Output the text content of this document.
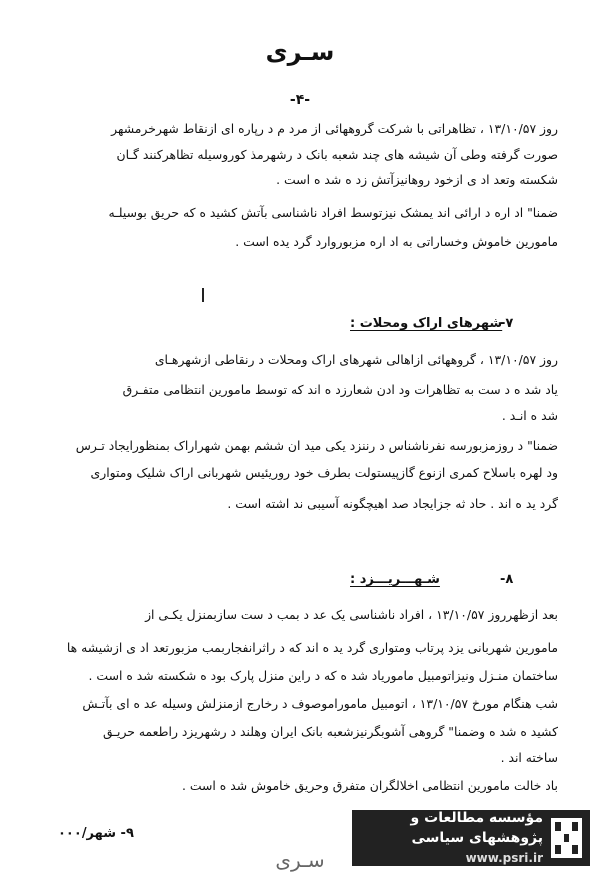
سـرى
-۴-
روز ۱۳/۱۰/۵۷ ، تظاهراتی با شرکت گروههائی از مرد م د رپاره ای ازنقاط شهرخرمشهر
صورت گرفته وطی آن شیشه های چند شعبه بانک د رشهرمذ کوروسیله تظاهرکنند گـان
شکسته وتعد اد ی ازخود روهانیزآتش زد ه شد ه است .
ضمنا" اد اره د ارائی اند یمشک نیزتوسط افراد ناشناسی بآتش کشید ه که حریق بوسیلـه
مامورین خاموش وخساراتی به اد اره مزبوروارد گرد یده است .
شهرهای اراک ومحلات :
-۷
روز ۱۳/۱۰/۵۷ ، گروههائی ازاهالی شهرهای اراک ومحلات د رنقاطی ازشهرهـای
یاد شد ه د ست به تظاهرات ود ادن شعارزد ه اند که توسط مامورین انتظامی متفـرق
شد ه انـد .
ضمنا" د روزمزبورسه نفرناشناس د رننزد یکی مید ان ششم بهمن شهراراک بمنظورایجاد تـرس
ود لهره باسلاح کمری ازنوع گازپیستولت بطرف خود روریئیس شهربانی اراک شلیک ومتواری
گرد ید ه اند . حاد ثه جزایجاد صد اهیچگونه آسیبی ند اشته است .
شـهـــریـــزد :	-۸
بعد ازظهرروز ۱۳/۱۰/۵۷ ، افراد ناشناسی یک عد د بمب د ست سازبمنزل یکـی از
مامورین شهربانی یزد پرتاب ومتواری گرد ید ه اند که د راثرانفجاربمب مزبورتعد اد ی ازشیشه ها
ساختمان منـزل ونیزاتومبیل ماموریاد شد ه که د راین منزل پارک بود ه شکسته شد ه است .
شب هنگام مورخ ۱۳/۱۰/۵۷ ، اتومبیل ماموراموصوف د رخارج ازمنزلش وسیله عد ه ای بآتـش
کشید ه شد ه وضمنا" گروهی آشوبگرنیزشعبه بانک ایران وهلند د رشهریزد راطعمه حریـق
ساخته اند .
باد خالت مامورین انتظامی اخلالگران متفرق وحریق خاموش شد ه است .
۹- شهر/۰۰۰
سـرى
مؤسسه مطالعات و پژوهشهای سیاسی
www.psri.ir
